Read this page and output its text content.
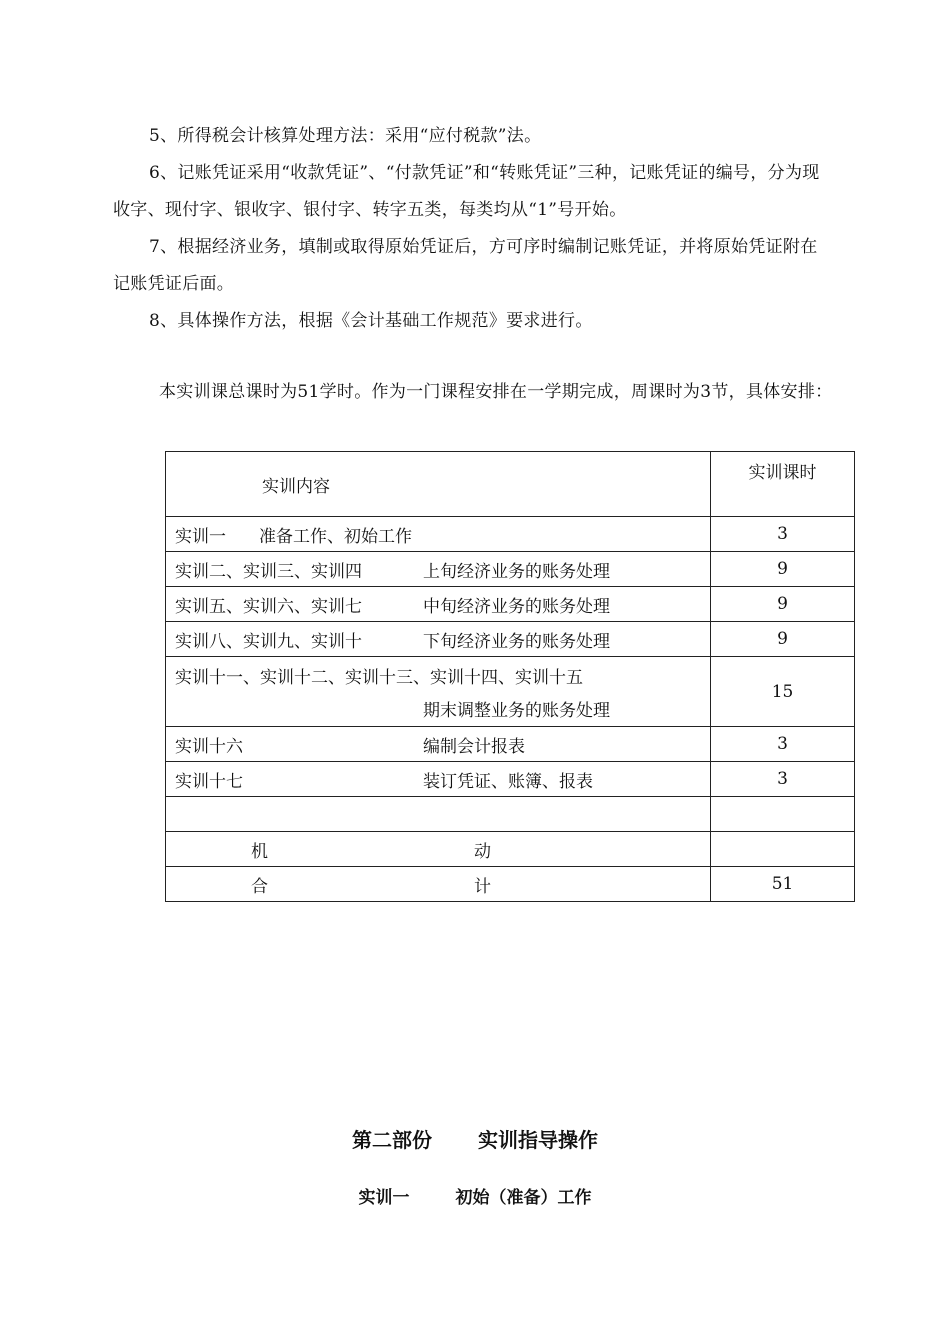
5、所得税会计核算处理方法：采用“应付税款”法。

6、记账凭证采用“收款凭证”、“付款凭证”和“转账凭证”三种，记账凭证的编号，分为现收字、现付字、银收字、银付字、转字五类，每类均从“1”号开始。

7、根据经济业务，填制或取得原始凭证后，方可序时编制记账凭证，并将原始凭证附在记账凭证后面。

8、具体操作方法，根据《会计基础工作规范》要求进行。

本实训课总课时为51学时。作为一门课程安排在一学期完成，周课时为3节，具体安排：

实训内容	实训课时
实训一 准备工作、初始工作	3
实训二、实训三、实训四 上旬经济业务的账务处理	9
实训五、实训六、实训七 中旬经济业务的账务处理	9
实训八、实训九、实训十 下旬经济业务的账务处理	9

实训十一、实训十二、实训十三、实训十四、实训十五
期末调整业务的账务处理	15
实训十六 编制会计报表	3
实训十七 装订凭证、账簿、报表	3

机 动	

合 计	51

第二部份 实训指导操作

实训一	初始（准备）工作
